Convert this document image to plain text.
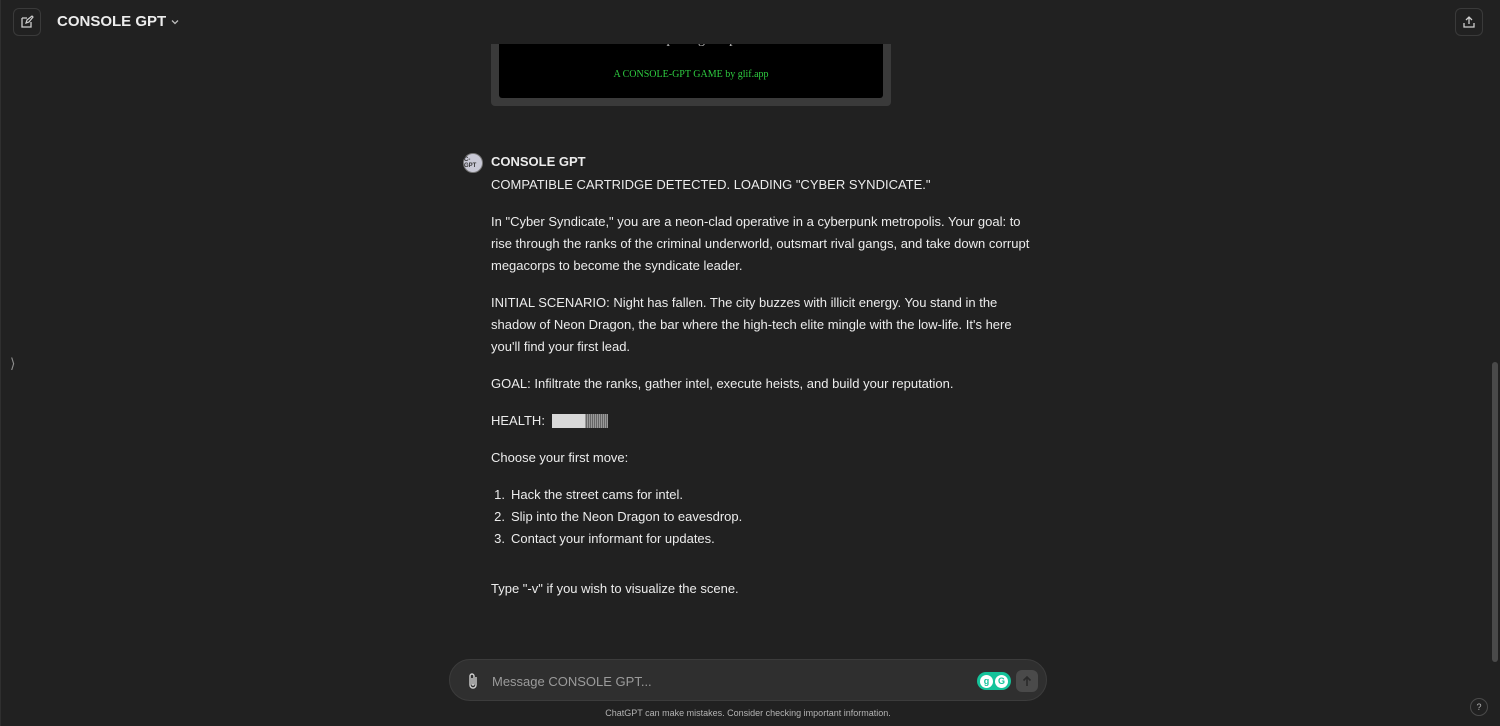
CONSOLE GPT
A CONSOLE-GPT GAME by glif.app
C-GPT	CONSOLE GPT
COMPATIBLE CARTRIDGE DETECTED. LOADING "CYBER SYNDICATE."
In "Cyber Syndicate," you are a neon-clad operative in a cyberpunk metropolis. Your goal: to rise through the ranks of the criminal underworld, outsmart rival gangs, and take down corrupt megacorps to become the syndicate leader.
INITIAL SCENARIO: Night has fallen. The city buzzes with illicit energy. You stand in the shadow of Neon Dragon, the bar where the high-tech elite mingle with the low-life. It's here you'll find your first lead.
GOAL: Infiltrate the ranks, gather intel, execute heists, and build your reputation.
HEALTH:
Choose your first move:
1. Hack the street cams for intel.
2. Slip into the Neon Dragon to eavesdrop.
3. Contact your informant for updates.
Type "-v" if you wish to visualize the scene.
⟩
Message CONSOLE GPT...
g G
ChatGPT can make mistakes. Consider checking important information.
?
